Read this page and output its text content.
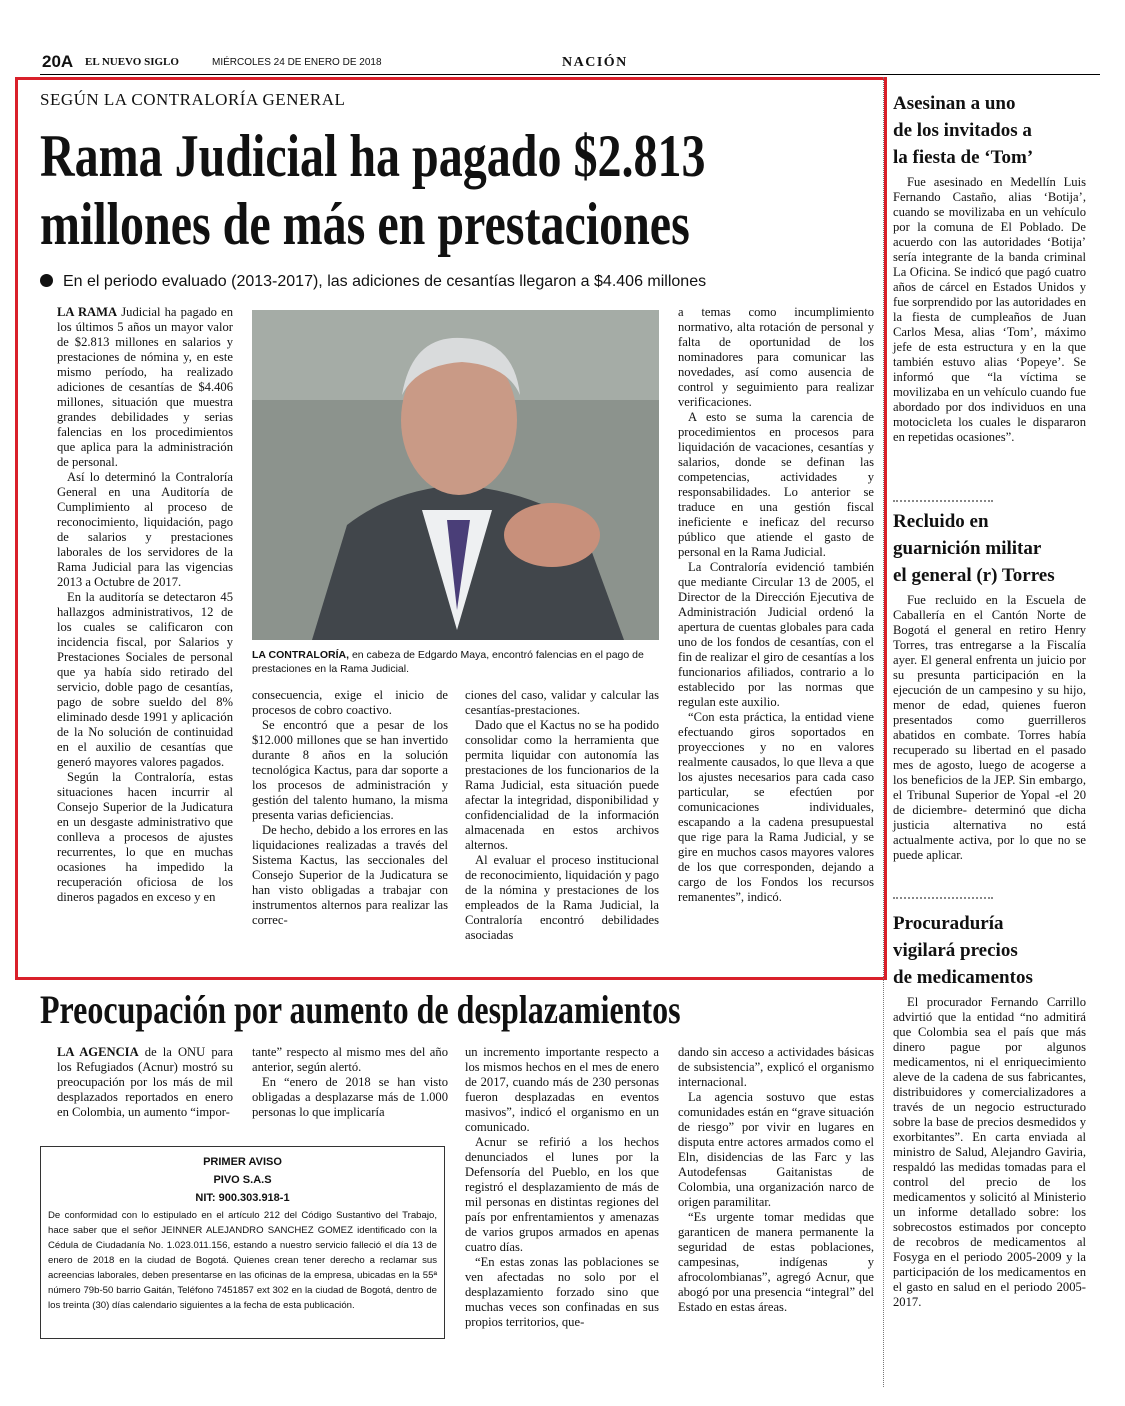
20A EL NUEVO SIGLO	MIÉRCOLES 24 DE ENERO DE 2018	NACIÓN
SEGÚN LA CONTRALORÍA GENERAL
Rama Judicial ha pagado $2.813
millones de más en prestaciones
En el periodo evaluado (2013-2017), las adiciones de cesantías llegaron a $4.406 millones

LA RAMA Judicial ha pagado en los últimos 5 años un mayor valor de $2.813 millones en salarios y prestaciones de nómina y, en este mismo período, ha realizado adiciones de cesantías de $4.406 millones, situación que muestra grandes debilidades y serias falencias en los procedimientos que aplica para la administración de personal.

Así lo determinó la Contraloría General en una Auditoría de Cumplimiento al proceso de reconocimiento, liquidación, pago de salarios y prestaciones laborales de los servidores de la Rama Judicial para las vigencias 2013 a Octubre de 2017.

En la auditoría se detectaron 45 hallazgos administrativos, 12 de los cuales se calificaron con incidencia fiscal, por Salarios y Prestaciones Sociales de personal que ya había sido retirado del servicio, doble pago de cesantías, pago de sobre sueldo del 8% eliminado desde 1991 y aplicación de la No solución de continuidad en el auxilio de cesantías que generó mayores valores pagados.

Según la Contraloría, estas situaciones hacen incurrir al Consejo Superior de la Judicatura en un desgaste administrativo que conlleva a procesos de ajustes recurrentes, lo que en muchas ocasiones ha impedido la recuperación oficiosa de los dineros pagados en exceso y en

LA CONTRALORÍA, en cabeza de Edgardo Maya, encontró falencias en el pago de prestaciones en la Rama Judicial.

consecuencia, exige el inicio de procesos de cobro coactivo.

Se encontró que a pesar de los $12.000 millones que se han invertido durante 8 años en la solución tecnológica Kactus, para dar soporte a los procesos de administración y gestión del talento humano, la misma presenta varias deficiencias.

De hecho, debido a los errores en las liquidaciones realizadas a través del Sistema Kactus, las seccionales del Consejo Superior de la Judicatura se han visto obligadas a trabajar con instrumentos alternos para realizar las correc-

ciones del caso, validar y calcular las cesantías-prestaciones.

Dado que el Kactus no se ha podido consolidar como la herramienta que permita liquidar con autonomía las prestaciones de los funcionarios de la Rama Judicial, esta situación puede afectar la integridad, disponibilidad y confidencialidad de la información almacenada en estos archivos alternos.

Al evaluar el proceso institucional de reconocimiento, liquidación y pago de la nómina y prestaciones de los empleados de la Rama Judicial, la Contraloría encontró debilidades asociadas

a temas como incumplimiento normativo, alta rotación de personal y falta de oportunidad de los nominadores para comunicar las novedades, así como ausencia de control y seguimiento para realizar verificaciones.

A esto se suma la carencia de procedimientos en procesos para liquidación de vacaciones, cesantías y salarios, donde se definan las competencias, actividades y responsabilidades. Lo anterior se traduce en una gestión fiscal ineficiente e ineficaz del recurso público que atiende el gasto de personal en la Rama Judicial.

La Contraloría evidenció también que mediante Circular 13 de 2005, el Director de la Dirección Ejecutiva de Administración Judicial ordenó la apertura de cuentas globales para cada uno de los fondos de cesantías, con el fin de realizar el giro de cesantías a los funcionarios afiliados, contrario a lo establecido por las normas que regulan este auxilio.

“Con esta práctica, la entidad viene efectuando giros soportados en proyecciones y no en valores realmente causados, lo que lleva a que los ajustes necesarios para cada caso particular, se efectúen por comunicaciones individuales, escapando a la cadena presupuestal que rige para la Rama Judicial, y se gire en muchos casos mayores valores de los que corresponden, dejando a cargo de los Fondos los recursos remanentes”, indicó.

Preocupación por aumento de desplazamientos

LA AGENCIA de la ONU para los Refugiados (Acnur) mostró su preocupación por los más de mil desplazados reportados en enero en Colombia, un aumento “impor-

tante” respecto al mismo mes del año anterior, según alertó.

En “enero de 2018 se han visto obligadas a desplazarse más de 1.000 personas lo que implicaría

un incremento importante respecto a los mismos hechos en el mes de enero de 2017, cuando más de 230 personas fueron desplazadas en eventos masivos”, indicó el organismo en un comunicado.

Acnur se refirió a los hechos denunciados el lunes por la Defensoría del Pueblo, en los que registró el desplazamiento de más de mil personas en distintas regiones del país por enfrentamientos y amenazas de varios grupos armados en apenas cuatro días.

“En estas zonas las poblaciones se ven afectadas no solo por el desplazamiento forzado sino que muchas veces son confinadas en sus propios territorios, que-

dando sin acceso a actividades básicas de subsistencia”, explicó el organismo internacional.

La agencia sostuvo que estas comunidades están en “grave situación de riesgo” por vivir en lugares en disputa entre actores armados como el Eln, disidencias de las Farc y las Autodefensas Gaitanistas de Colombia, una organización narco de origen paramilitar.

“Es urgente tomar medidas que garanticen de manera permanente la seguridad de estas poblaciones, campesinas, indígenas y afrocolombianas”, agregó Acnur, que abogó por una presencia “integral” del Estado en estas áreas.

PRIMER AVISO
PIVO S.A.S
NIT: 900.303.918-1
De conformidad con lo estipulado en el artículo 212 del Código Sustantivo del Trabajo, hace saber que el señor JEINNER ALEJANDRO SANCHEZ GOMEZ identificado con la Cédula de Ciudadanía No. 1.023.011.156, estando a nuestro servicio falleció el día 13 de enero de 2018 en la ciudad de Bogotá. Quienes crean tener derecho a reclamar sus acreencias laborales, deben presentarse en las oficinas de la empresa, ubicadas en la 55ª número 79b-50 barrio Gaitán, Teléfono 7451857 ext 302 en la ciudad de Bogotá, dentro de los treinta (30) días calendario siguientes a la fecha de esta publicación.
Asesinan a uno
de los invitados a
la fiesta de ‘Tom’
Fue asesinado en Medellín Luis Fernando Castaño, alias ‘Botija’, cuando se movilizaba en un vehículo por la comuna de El Poblado. De acuerdo con las autoridades ‘Botija’ sería integrante de la banda criminal La Oficina. Se indicó que pagó cuatro años de cárcel en Estados Unidos y fue sorprendido por las autoridades en la fiesta de cumpleaños de Juan Carlos Mesa, alias ‘Tom’, máximo jefe de esta estructura y en la que también estuvo alias ‘Popeye’. Se informó que “la víctima se movilizaba en un vehículo cuando fue abordado por dos individuos en una motocicleta los cuales le dispararon en repetidas ocasiones”.
Recluido en
guarnición militar
el general (r) Torres
Fue recluido en la Escuela de Caballería en el Cantón Norte de Bogotá el general en retiro Henry Torres, tras entregarse a la Fiscalía ayer. El general enfrenta un juicio por su presunta participación en la ejecución de un campesino y su hijo, menor de edad, quienes fueron presentados como guerrilleros abatidos en combate. Torres había recuperado su libertad en el pasado mes de agosto, luego de acogerse a los beneficios de la JEP. Sin embargo, el Tribunal Superior de Yopal -el 20 de diciembre- determinó que dicha justicia alternativa no está actualmente activa, por lo que no se puede aplicar.
Procuraduría
vigilará precios
de medicamentos
El procurador Fernando Carrillo advirtió que la entidad “no admitirá que Colombia sea el país que más dinero pague por algunos medicamentos, ni el enriquecimiento aleve de la cadena de sus fabricantes, distribuidores y comercializadores a través de un negocio estructurado sobre la base de precios desmedidos y exorbitantes”. En carta enviada al ministro de Salud, Alejandro Gaviria, respaldó las medidas tomadas para el control del precio de los medicamentos y solicitó al Ministerio un informe detallado sobre: los sobrecostos estimados por concepto de recobros de medicamentos al Fosyga en el periodo 2005-2009 y la participación de los medicamentos en el gasto en salud en el periodo 2005-2017.
